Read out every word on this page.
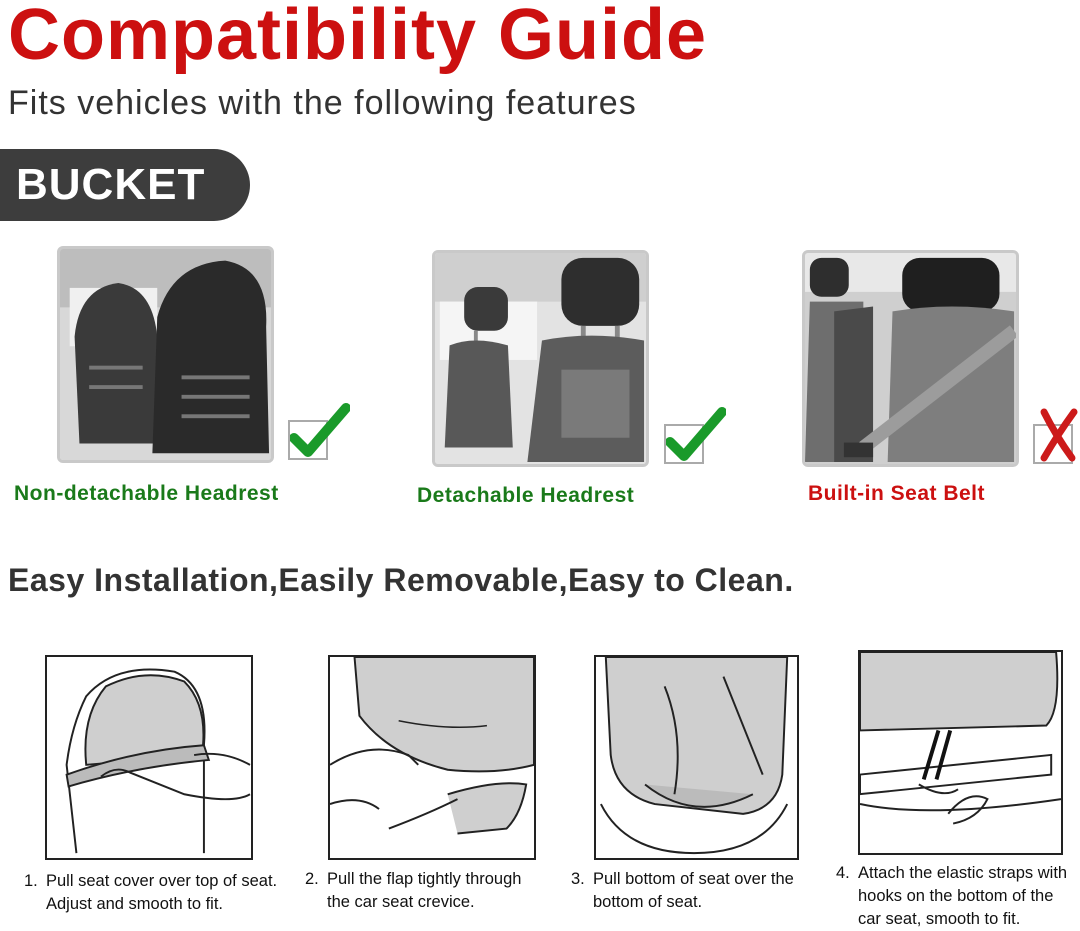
Compatibility Guide

Fits vehicles with the following features

BUCKET
Non-detachable Headrest	Detachable Headrest	Built-in Seat Belt
Easy Installation,Easily Removable,Easy to Clean.
1. Pull seat cover over top of seat. Adjust and smooth to fit.
2. Pull the flap tightly through the car seat crevice.
3. Pull bottom of seat over the bottom of seat.
4. Attach the elastic straps with hooks on the bottom of the car seat, smooth to fit.
